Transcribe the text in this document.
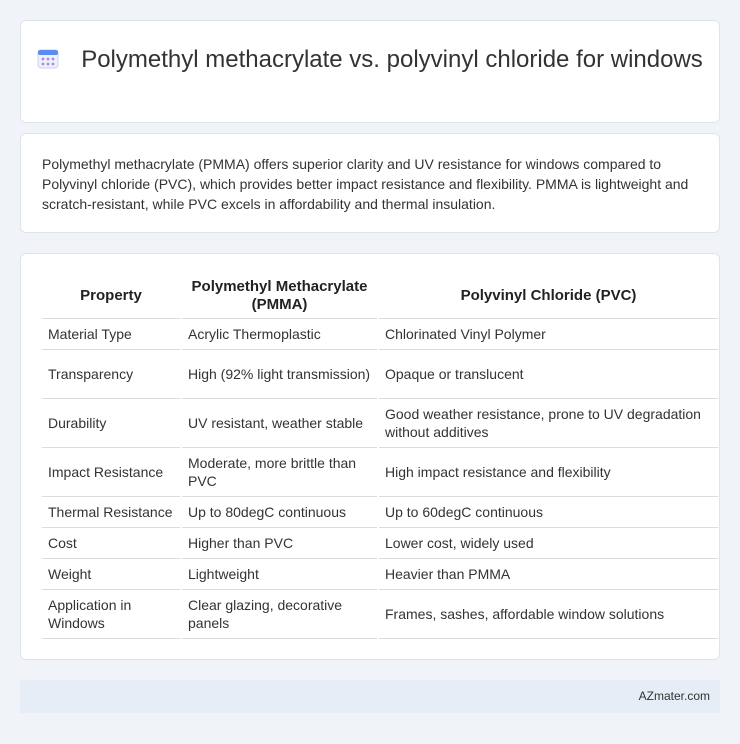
Polymethyl methacrylate vs. polyvinyl chloride for windows

Polymethyl methacrylate (PMMA) offers superior clarity and UV resistance for windows compared to Polyvinyl chloride (PVC), which provides better impact resistance and flexibility. PMMA is lightweight and scratch-resistant, while PVC excels in affordability and thermal insulation.

Property	Polymethyl Methacrylate (PMMA)	Polyvinyl Chloride (PVC)
Material Type	Acrylic Thermoplastic	Chlorinated Vinyl Polymer
Transparency	High (92% light transmission)	Opaque or translucent
Durability	UV resistant, weather stable	Good weather resistance, prone to UV degradation without additives
Impact Resistance	Moderate, more brittle than PVC	High impact resistance and flexibility
Thermal Resistance	Up to 80degC continuous	Up to 60degC continuous
Cost	Higher than PVC	Lower cost, widely used
Weight	Lightweight	Heavier than PMMA
Application in Windows	Clear glazing, decorative panels	Frames, sashes, affordable window solutions
AZmater.com
